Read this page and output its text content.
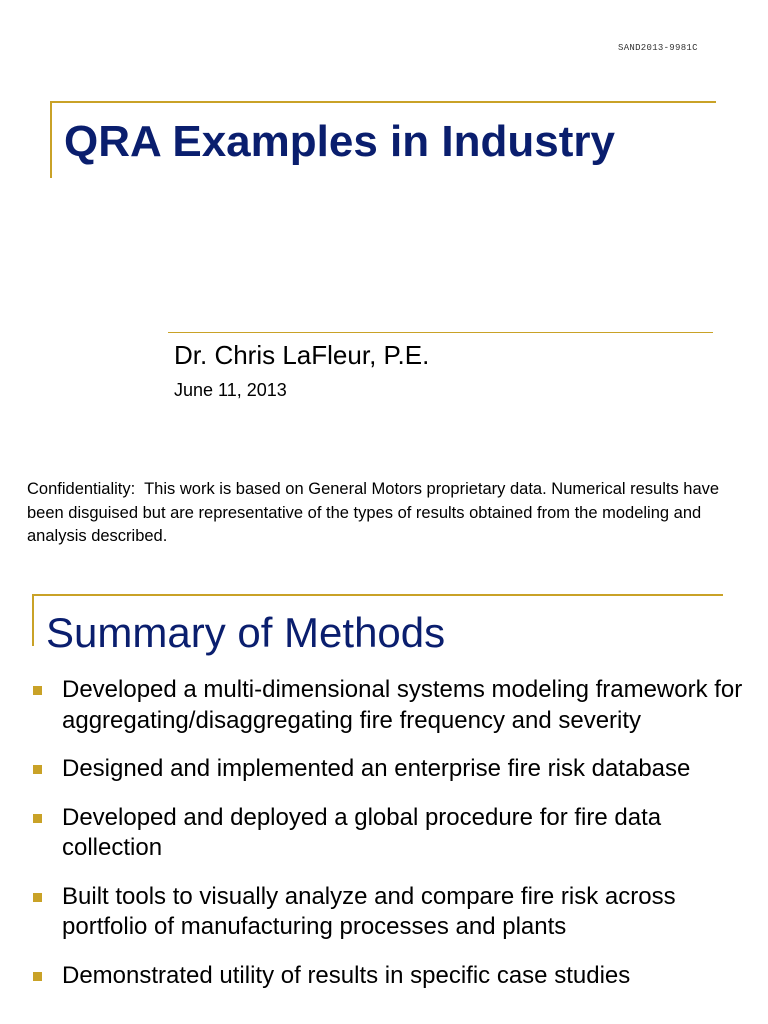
SAND2013-9981C
QRA Examples in Industry
Dr. Chris LaFleur, P.E.
June 11, 2013
Confidentiality:  This work is based on General Motors proprietary data. Numerical results have been disguised but are representative of the types of results obtained from the modeling and analysis described.
Summary of Methods
Developed a multi-dimensional systems modeling framework for aggregating/disaggregating fire frequency and severity
Designed and implemented an enterprise fire risk database
Developed and deployed a global procedure for fire data collection
Built tools to visually analyze and compare fire risk across portfolio of manufacturing processes and plants
Demonstrated utility of results in specific case studies
